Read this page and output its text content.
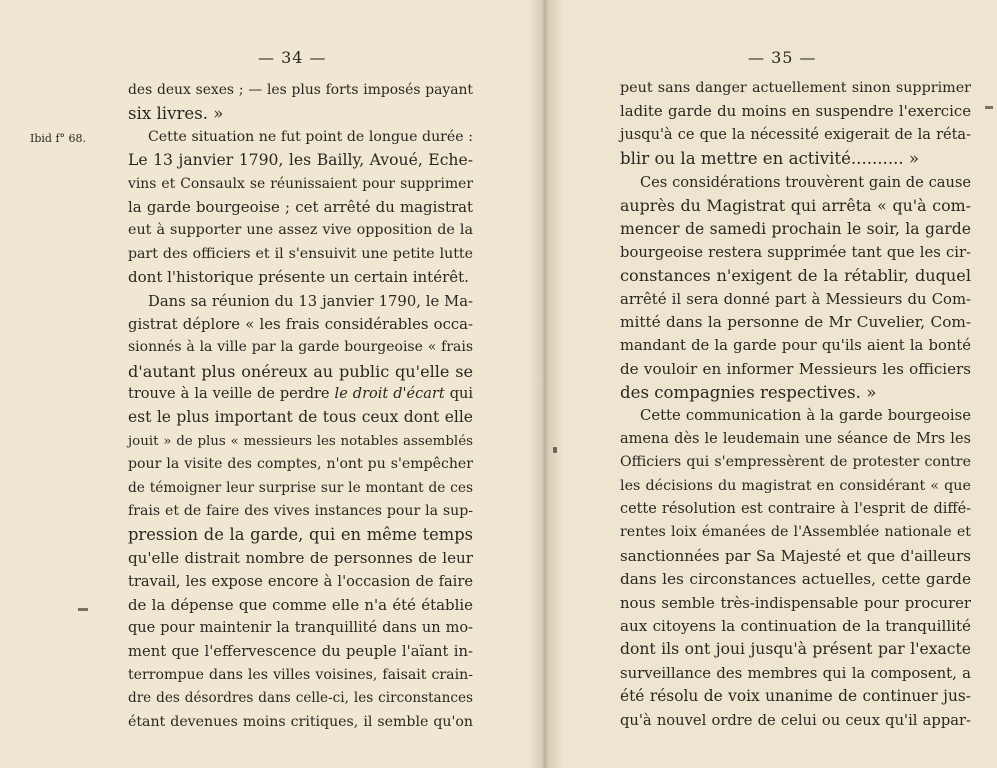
— 34 —
Ibid f° 68.
des deux sexes ; — les plus forts imposés payant
six livres. »
Cette situation ne fut point de longue durée :
Le 13 janvier 1790, les Bailly, Avoué, Eche-
vins et Consaulx se réunissaient pour supprimer
la garde bourgeoise ; cet arrêté du magistrat
eut à supporter une assez vive opposition de la
part des officiers et il s'ensuivit une petite lutte
dont l'historique présente un certain intérêt.
Dans sa réunion du 13 janvier 1790, le Ma-
gistrat déplore « les frais considérables occa-
sionnés à la ville par la garde bourgeoise « frais
d'autant plus onéreux au public qu'elle se
trouve à la veille de perdre le droit d'écart qui
est le plus important de tous ceux dont elle
jouit » de plus « messieurs les notables assemblés
pour la visite des comptes, n'ont pu s'empêcher
de témoigner leur surprise sur le montant de ces
frais et de faire des vives instances pour la sup-
pression de la garde, qui en même temps
qu'elle distrait nombre de personnes de leur
travail, les expose encore à l'occasion de faire
de la dépense que comme elle n'a été établie
que pour maintenir la tranquillité dans un mo-
ment que l'effervescence du peuple l'aïant in-
terrompue dans les villes voisines, faisait crain-
dre des désordres dans celle-ci, les circonstances
étant devenues moins critiques, il semble qu'on
— 35 —
peut sans danger actuellement sinon supprimer
ladite garde du moins en suspendre l'exercice
jusqu'à ce que la nécessité exigerait de la réta-
blir ou la mettre en activité.......... »
Ces considérations trouvèrent gain de cause
auprès du Magistrat qui arrêta « qu'à com-
mencer de samedi prochain le soir, la garde
bourgeoise restera supprimée tant que les cir-
constances n'exigent de la rétablir, duquel
arrêté il sera donné part à Messieurs du Com-
mitté dans la personne de Mr Cuvelier, Com-
mandant de la garde pour qu'ils aient la bonté
de vouloir en informer Messieurs les officiers
des compagnies respectives. »
Cette communication à la garde bourgeoise
amena dès le leudemain une séance de Mrs les
Officiers qui s'empressèrent de protester contre
les décisions du magistrat en considérant « que
cette résolution est contraire à l'esprit de diffé-
rentes loix émanées de l'Assemblée nationale et
sanctionnées par Sa Majesté et que d'ailleurs
dans les circonstances actuelles, cette garde
nous semble très-indispensable pour procurer
aux citoyens la continuation de la tranquillité
dont ils ont joui jusqu'à présent par l'exacte
surveillance des membres qui la composent, a
été résolu de voix unanime de continuer jus-
qu'à nouvel ordre de celui ou ceux qu'il appar-
